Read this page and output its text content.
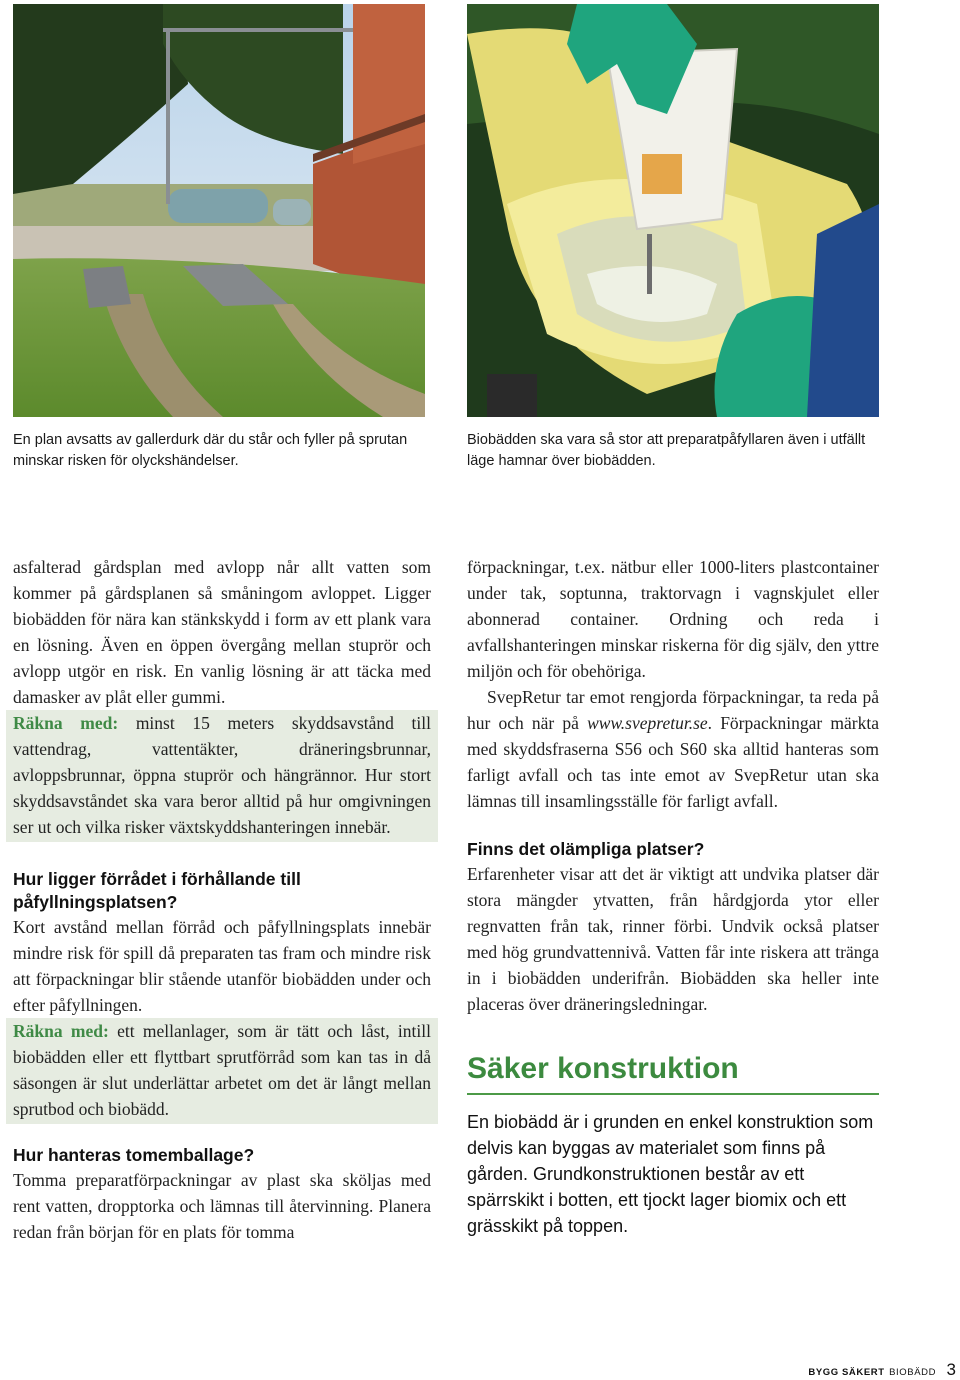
En plan avsatts av gallerdurk där du står och fyller på sprutan minskar risken för olyckshändelser.
Biobädden ska vara så stor att preparatpåfyllaren även i utfällt läge hamnar över biobädden.

asfalterad gårdsplan med avlopp når allt vatten som kommer på gårdsplanen så småningom avloppet. Ligger biobädden för nära kan stänkskydd i form av ett plank vara en lösning. Även en öppen övergång mellan stuprör och avlopp utgör en risk. En vanlig lösning är att täcka med damasker av plåt eller gummi.

Räkna med: minst 15 meters skyddsavstånd till vattendrag, vattentäkter, dräneringsbrunnar, avloppsbrunnar, öppna stuprör och hängrännor. Hur stort skyddsavståndet ska vara beror alltid på hur omgivningen ser ut och vilka risker växtskyddshanteringen innebär.

Hur ligger förrådet i förhållande till påfyllningsplatsen?

Kort avstånd mellan förråd och påfyllningsplats innebär mindre risk för spill då preparaten tas fram och mindre risk att förpackningar blir stående utanför biobädden under och efter påfyllningen.

Räkna med: ett mellanlager, som är tätt och låst, intill biobädden eller ett flyttbart sprutförråd som kan tas in då säsongen är slut underlättar arbetet om det är långt mellan sprutbod och biobädd.

Hur hanteras tomemballage?

Tomma preparatförpackningar av plast ska sköljas med rent vatten, dropptorka och lämnas till återvinning. Planera redan från början för en plats för tomma

förpackningar, t.ex. nätbur eller 1000-liters plastcontainer under tak, soptunna, traktorvagn i vagnskjulet eller abonnerad container. Ordning och reda i avfallshanteringen minskar riskerna för dig själv, den yttre miljön och för obehöriga.

SvepRetur tar emot rengjorda förpackningar, ta reda på hur och när på www.svepretur.se. Förpackningar märkta med skyddsfraserna S56 och S60 ska alltid hanteras som farligt avfall och tas inte emot av SvepRetur utan ska lämnas till insamlingsställe för farligt avfall.

Finns det olämpliga platser?

Erfarenheter visar att det är viktigt att undvika platser där stora mängder ytvatten, från hårdgjorda ytor eller regnvatten från tak, rinner förbi. Undvik också platser med hög grundvattennivå. Vatten får inte riskera att tränga in i biobädden underifrån. Biobädden ska heller inte placeras över dräneringsledningar.

Säker konstruktion

En biobädd är i grunden en enkel konstruktion som delvis kan byggas av materialet som finns på gården. Grundkonstruktionen består av ett spärrskikt i botten, ett tjockt lager biomix och ett grässkikt på toppen.

BYGG SÄKERT BIOBÄDD 3
